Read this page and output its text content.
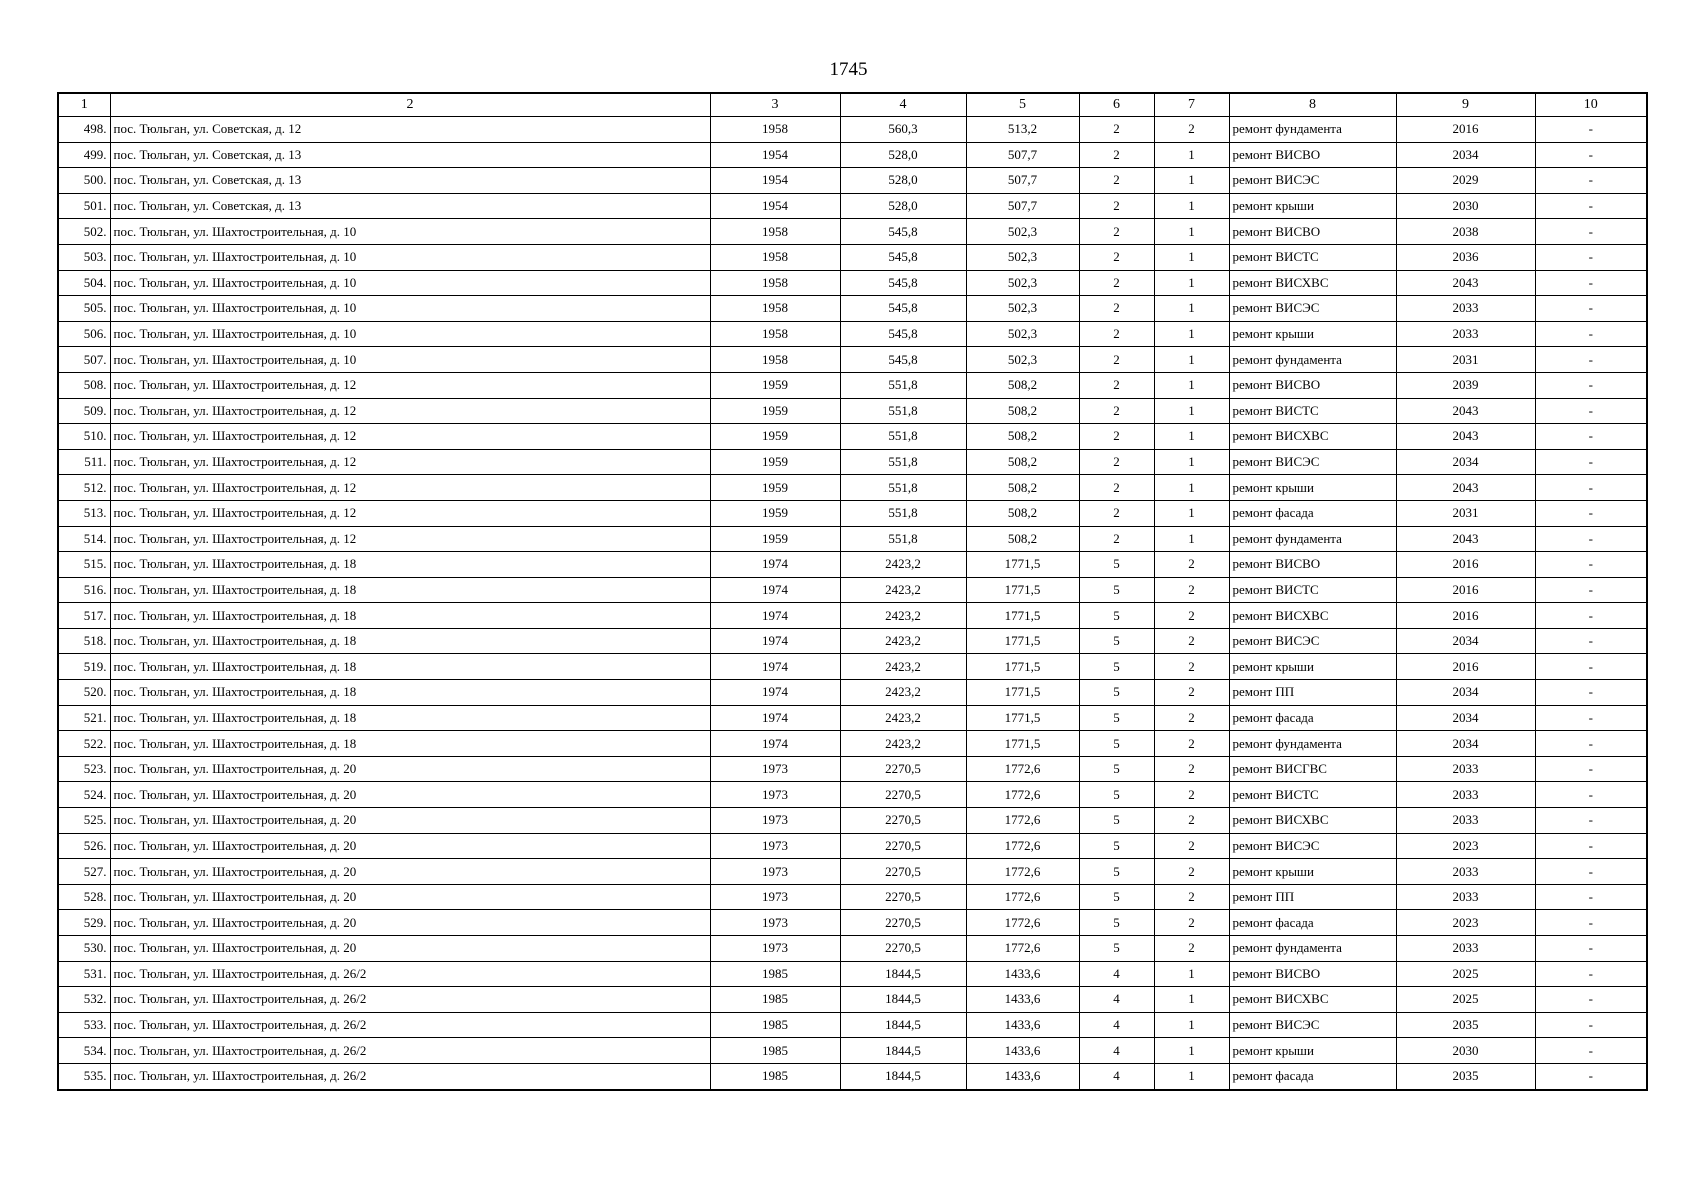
1745
1	2	3	4	5	6	7	8	9	10
498.	пос. Тюльган, ул. Советская, д. 12	1958	560,3	513,2	2	2	ремонт фундамента	2016	-
499.	пос. Тюльган, ул. Советская, д. 13	1954	528,0	507,7	2	1	ремонт ВИСВО	2034	-
500.	пос. Тюльган, ул. Советская, д. 13	1954	528,0	507,7	2	1	ремонт ВИСЭС	2029	-
501.	пос. Тюльган, ул. Советская, д. 13	1954	528,0	507,7	2	1	ремонт крыши	2030	-
502.	пос. Тюльган, ул. Шахтостроительная, д. 10	1958	545,8	502,3	2	1	ремонт ВИСВО	2038	-
503.	пос. Тюльган, ул. Шахтостроительная, д. 10	1958	545,8	502,3	2	1	ремонт ВИСТС	2036	-
504.	пос. Тюльган, ул. Шахтостроительная, д. 10	1958	545,8	502,3	2	1	ремонт ВИСХВС	2043	-
505.	пос. Тюльган, ул. Шахтостроительная, д. 10	1958	545,8	502,3	2	1	ремонт ВИСЭС	2033	-
506.	пос. Тюльган, ул. Шахтостроительная, д. 10	1958	545,8	502,3	2	1	ремонт крыши	2033	-
507.	пос. Тюльган, ул. Шахтостроительная, д. 10	1958	545,8	502,3	2	1	ремонт фундамента	2031	-
508.	пос. Тюльган, ул. Шахтостроительная, д. 12	1959	551,8	508,2	2	1	ремонт ВИСВО	2039	-
509.	пос. Тюльган, ул. Шахтостроительная, д. 12	1959	551,8	508,2	2	1	ремонт ВИСТС	2043	-
510.	пос. Тюльган, ул. Шахтостроительная, д. 12	1959	551,8	508,2	2	1	ремонт ВИСХВС	2043	-
511.	пос. Тюльган, ул. Шахтостроительная, д. 12	1959	551,8	508,2	2	1	ремонт ВИСЭС	2034	-
512.	пос. Тюльган, ул. Шахтостроительная, д. 12	1959	551,8	508,2	2	1	ремонт крыши	2043	-
513.	пос. Тюльган, ул. Шахтостроительная, д. 12	1959	551,8	508,2	2	1	ремонт фасада	2031	-
514.	пос. Тюльган, ул. Шахтостроительная, д. 12	1959	551,8	508,2	2	1	ремонт фундамента	2043	-
515.	пос. Тюльган, ул. Шахтостроительная, д. 18	1974	2423,2	1771,5	5	2	ремонт ВИСВО	2016	-
516.	пос. Тюльган, ул. Шахтостроительная, д. 18	1974	2423,2	1771,5	5	2	ремонт ВИСТС	2016	-
517.	пос. Тюльган, ул. Шахтостроительная, д. 18	1974	2423,2	1771,5	5	2	ремонт ВИСХВС	2016	-
518.	пос. Тюльган, ул. Шахтостроительная, д. 18	1974	2423,2	1771,5	5	2	ремонт ВИСЭС	2034	-
519.	пос. Тюльган, ул. Шахтостроительная, д. 18	1974	2423,2	1771,5	5	2	ремонт крыши	2016	-
520.	пос. Тюльган, ул. Шахтостроительная, д. 18	1974	2423,2	1771,5	5	2	ремонт ПП	2034	-
521.	пос. Тюльган, ул. Шахтостроительная, д. 18	1974	2423,2	1771,5	5	2	ремонт фасада	2034	-
522.	пос. Тюльган, ул. Шахтостроительная, д. 18	1974	2423,2	1771,5	5	2	ремонт фундамента	2034	-
523.	пос. Тюльган, ул. Шахтостроительная, д. 20	1973	2270,5	1772,6	5	2	ремонт ВИСГВС	2033	-
524.	пос. Тюльган, ул. Шахтостроительная, д. 20	1973	2270,5	1772,6	5	2	ремонт ВИСТС	2033	-
525.	пос. Тюльган, ул. Шахтостроительная, д. 20	1973	2270,5	1772,6	5	2	ремонт ВИСХВС	2033	-
526.	пос. Тюльган, ул. Шахтостроительная, д. 20	1973	2270,5	1772,6	5	2	ремонт ВИСЭС	2023	-
527.	пос. Тюльган, ул. Шахтостроительная, д. 20	1973	2270,5	1772,6	5	2	ремонт крыши	2033	-
528.	пос. Тюльган, ул. Шахтостроительная, д. 20	1973	2270,5	1772,6	5	2	ремонт ПП	2033	-
529.	пос. Тюльган, ул. Шахтостроительная, д. 20	1973	2270,5	1772,6	5	2	ремонт фасада	2023	-
530.	пос. Тюльган, ул. Шахтостроительная, д. 20	1973	2270,5	1772,6	5	2	ремонт фундамента	2033	-
531.	пос. Тюльган, ул. Шахтостроительная, д. 26/2	1985	1844,5	1433,6	4	1	ремонт ВИСВО	2025	-
532.	пос. Тюльган, ул. Шахтостроительная, д. 26/2	1985	1844,5	1433,6	4	1	ремонт ВИСХВС	2025	-
533.	пос. Тюльган, ул. Шахтостроительная, д. 26/2	1985	1844,5	1433,6	4	1	ремонт ВИСЭС	2035	-
534.	пос. Тюльган, ул. Шахтостроительная, д. 26/2	1985	1844,5	1433,6	4	1	ремонт крыши	2030	-
535.	пос. Тюльган, ул. Шахтостроительная, д. 26/2	1985	1844,5	1433,6	4	1	ремонт фасада	2035	-
